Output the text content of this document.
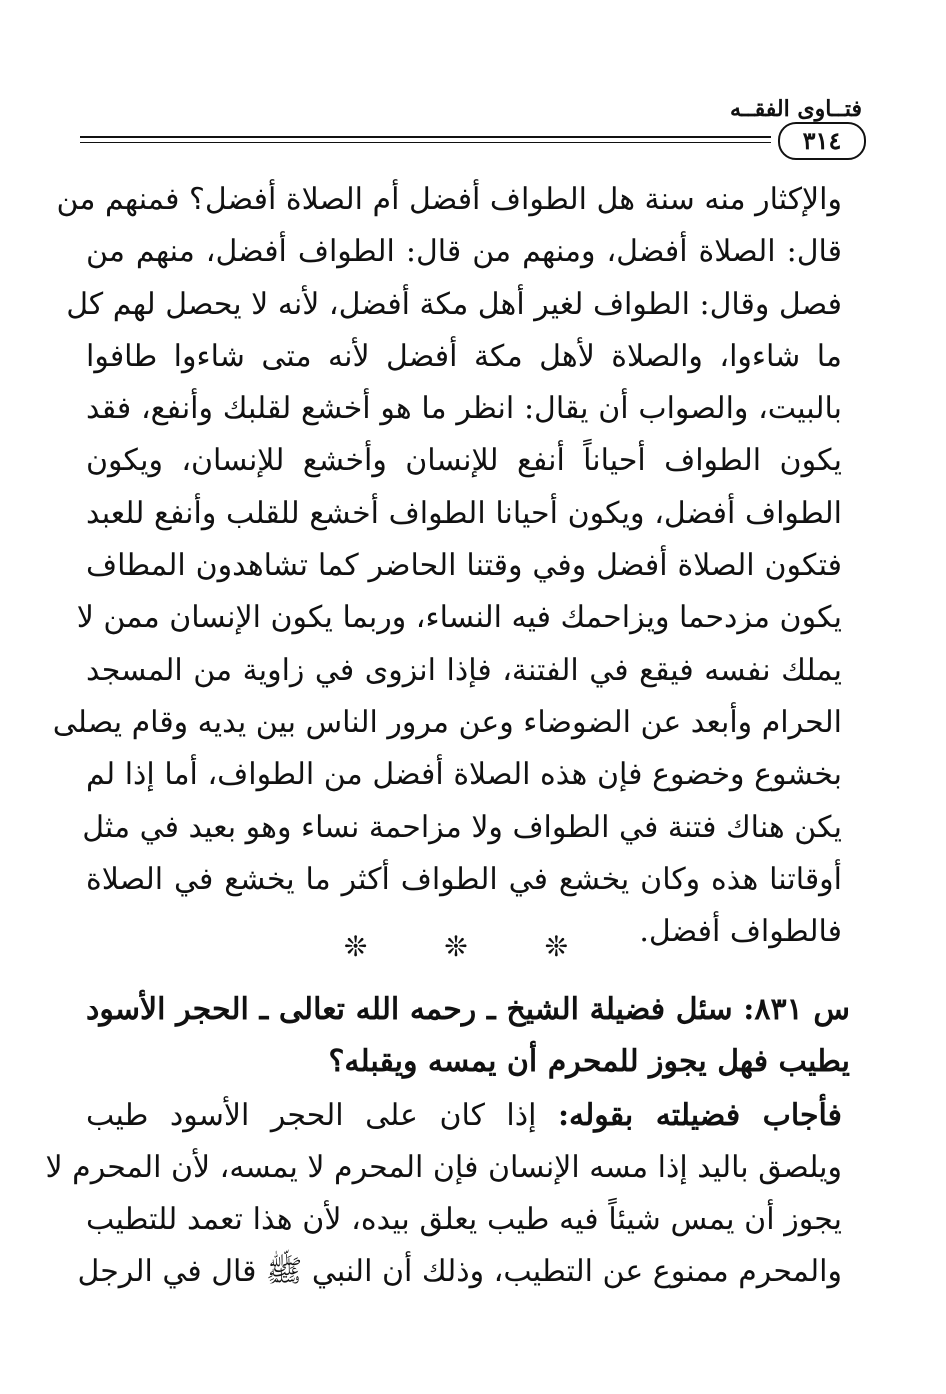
فتــاوى الفقــه
٣١٤
والإكثار منه سنة هل الطواف أفضل أم الصلاة أفضل؟ فمنهم من
قال: الصلاة أفضل، ومنهم من قال: الطواف أفضل، منهم من
فصل وقال: الطواف لغير أهل مكة أفضل، لأنه لا يحصل لهم كل
ما شاءوا، والصلاة لأهل مكة أفضل لأنه متى شاءوا طافوا
بالبيت، والصواب أن يقال: انظر ما هو أخشع لقلبك وأنفع، فقد
يكون الطواف أحياناً أنفع للإنسان وأخشع للإنسان، ويكون
الطواف أفضل، ويكون أحيانا الطواف أخشع للقلب وأنفع للعبد
فتكون الصلاة أفضل وفي وقتنا الحاضر كما تشاهدون المطاف
يكون مزدحما ويزاحمك فيه النساء، وربما يكون الإنسان ممن لا
يملك نفسه فيقع في الفتنة، فإذا انزوى في زاوية من المسجد
الحرام وأبعد عن الضوضاء وعن مرور الناس بين يديه وقام يصلى
بخشوع وخضوع فإن هذه الصلاة أفضل من الطواف، أما إذا لم
يكن هناك فتنة في الطواف ولا مزاحمة نساء وهو بعيد في مثل
أوقاتنا هذه وكان يخشع في الطواف أكثر ما يخشع في الصلاة
فالطواف أفضل.
❊ ❊ ❊
س ٨٣١: سئل فضيلة الشيخ ـ رحمه الله تعالى ـ الحجر الأسود
يطيب فهل يجوز للمحرم أن يمسه ويقبله؟
فأجاب فضيلته بقوله: إذا كان على الحجر الأسود طيب
ويلصق باليد إذا مسه الإنسان فإن المحرم لا يمسه، لأن المحرم لا
يجوز أن يمس شيئاً فيه طيب يعلق بيده، لأن هذا تعمد للتطيب
والمحرم ممنوع عن التطيب، وذلك أن النبي ﷺ قال في الرجل
